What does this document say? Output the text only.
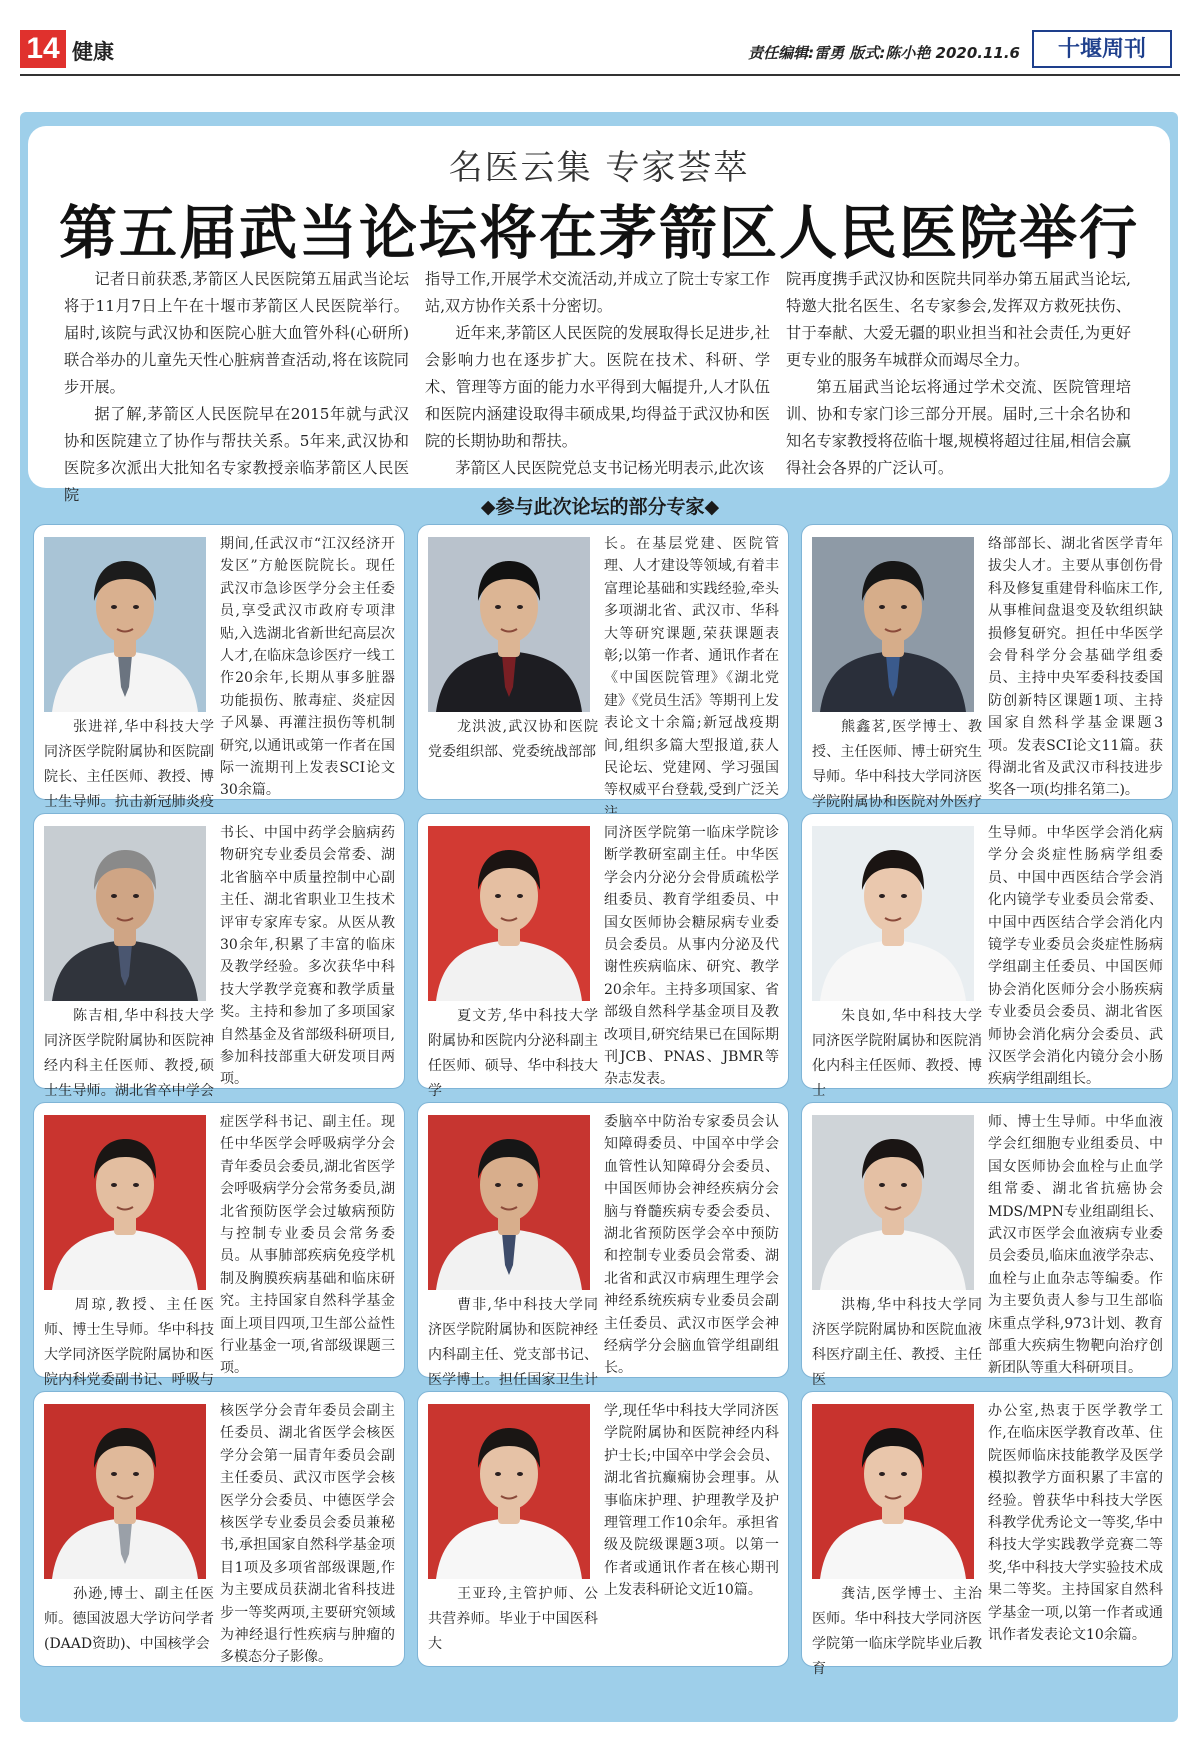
14 健康	责任编辑:雷勇 版式:陈小艳 2020.11.6	十堰周刊
名医云集 专家荟萃
第五届武当论坛将在茅箭区人民医院举行

记者日前获悉,茅箭区人民医院第五届武当论坛将于11月7日上午在十堰市茅箭区人民医院举行。届时,该院与武汉协和医院心脏大血管外科(心研所)联合举办的儿童先天性心脏病普查活动,将在该院同步开展。

据了解,茅箭区人民医院早在2015年就与武汉协和医院建立了协作与帮扶关系。5年来,武汉协和医院多次派出大批知名专家教授亲临茅箭区人民医院

指导工作,开展学术交流活动,并成立了院士专家工作站,双方协作关系十分密切。

近年来,茅箭区人民医院的发展取得长足进步,社会影响力也在逐步扩大。医院在技术、科研、学术、管理等方面的能力水平得到大幅提升,人才队伍和医院内涵建设取得丰硕成果,均得益于武汉协和医院的长期协助和帮扶。

茅箭区人民医院党总支书记杨光明表示,此次该

院再度携手武汉协和医院共同举办第五届武当论坛,特邀大批名医生、名专家参会,发挥双方救死扶伤、甘于奉献、大爱无疆的职业担当和社会责任,为更好更专业的服务车城群众而竭尽全力。

第五届武当论坛将通过学术交流、医院管理培训、协和专家门诊三部分开展。届时,三十余名协和知名专家教授将莅临十堰,规模将超过往届,相信会赢得社会各界的广泛认可。

◆参与此次论坛的部分专家◆
张进祥,华中科技大学同济医学院附属协和医院副院长、主任医师、教授、博士生导师。抗击新冠肺炎疫
期间,任武汉市“江汉经济开发区”方舱医院院长。现任武汉市急诊医学分会主任委员,享受武汉市政府专项津贴,入选湖北省新世纪高层次人才,在临床急诊医疗一线工作20余年,长期从事多脏器功能损伤、脓毒症、炎症因子风暴、再灌注损伤等机制研究,以通讯或第一作者在国际一流期刊上发表SCI论文30余篇。
龙洪波,武汉协和医院党委组织部、党委统战部部
长。在基层党建、医院管理、人才建设等领域,有着丰富理论基础和实践经验,牵头多项湖北省、武汉市、华科大等研究课题,荣获课题表彰;以第一作者、通讯作者在《中国医院管理》《湖北党建》《党员生活》等期刊上发表论文十余篇;新冠战疫期间,组织多篇大型报道,获人民论坛、党建网、学习强国等权威平台登载,受到广泛关
熊鑫茗,医学博士、教授、主任医师、博士研究生导师。华中科技大学同济医学院附属协和医院对外医疗
络部部长、湖北省医学青年拔尖人才。主要从事创伤骨科及修复重建骨科临床工作,从事椎间盘退变及软组织缺损修复研究。担任中华医学会骨科学分会基础学组委员、主持中央军委科技委国防创新特区课题1项、主持国家自然科学基金课题3项。发表SCI论文11篇。获得湖北省及武汉市科技进步奖各一项(均排名第二)。
陈吉相,华中科技大学同济医学院附属协和医院神经内科主任医师、教授,硕士生导师。湖北省卒中学会
书长、中国中药学会脑病药物研究专业委员会常委、湖北省脑卒中质量控制中心副主任、湖北省职业卫生技术评审专家库专家。从医从教30余年,积累了丰富的临床及教学经验。多次获华中科技大学教学竞赛和教学质量奖。主持和参加了多项国家自然基金及省部级科研项目,参加科技部重大研发项目两项。
夏文芳,华中科技大学附属协和医院内分泌科副主任医师、硕导、华中科技大学
同济医学院第一临床学院诊断学教研室副主任。中华医学会内分泌分会骨质疏松学组委员、教育学组委员、中国女医师协会糖尿病专业委员会委员。从事内分泌及代谢性疾病临床、研究、教学20余年。主持多项国家、省部级自然科学基金项目及教改项目,研究结果已在国际期刊JCB、PNAS、JBMR等杂志发表。
朱良如,华中科技大学同济医学院附属协和医院消化内科主任医师、教授、博士
生导师。中华医学会消化病学分会炎症性肠病学组委员、中国中西医结合学会消化内镜学专业委员会常委、中国中西医结合学会消化内镜学专业委员会炎症性肠病学组副主任委员、中国医师协会消化医师分会小肠疾病专业委员会委员、湖北省医师协会消化病分会委员、武汉医学会消化内镜分会小肠疾病学组副组长。
周琼,教授、主任医师、博士生导师。华中科技大学同济医学院附属协和医院内科党委副书记、呼吸与
症医学科书记、副主任。现任中华医学会呼吸病学分会青年委员会委员,湖北省医学会呼吸病学分会常务委员,湖北省预防医学会过敏病预防与控制专业委员会常务委员。从事肺部疾病免疫学机制及胸膜疾病基础和临床研究。主持国家自然科学基金面上项目四项,卫生部公益性行业基金一项,省部级课题三项。
曹非,华中科技大学同济医学院附属协和医院神经内科副主任、党支部书记、医学博士。担任国家卫生计
委脑卒中防治专家委员会认知障碍委员、中国卒中学会血管性认知障碍分会委员、中国医师协会神经疾病分会脑与脊髓疾病专委会委员、湖北省预防医学会卒中预防和控制专业委员会常委、湖北省和武汉市病理生理学会神经系统疾病专业委员会副主任委员、武汉市医学会神经病学分会脑血管学组副组长。
洪梅,华中科技大学同济医学院附属协和医院血液科医疗副主任、教授、主任医
师、博士生导师。中华血液学会红细胞专业组委员、中国女医师协会血栓与止血学组常委、湖北省抗癌协会MDS/MPN专业组副组长、武汉市医学会血液病专业委员会委员,临床血液学杂志、血栓与止血杂志等编委。作为主要负责人参与卫生部临床重点学科,973计划、教育部重大疾病生物靶向治疗创新团队等重大科研项目。
孙逊,博士、副主任医师。德国波恩大学访问学者(DAAD资助)、中国核学会
核医学分会青年委员会副主任委员、湖北省医学会核医学分会第一届青年委员会副主任委员、武汉市医学会核医学分会委员、中德医学会核医学专业委员会委员兼秘书,承担国家自然科学基金项目1项及多项省部级课题,作为主要成员获湖北省科技进步一等奖两项,主要研究领域为神经退行性疾病与肿瘤的多模态分子影像。
王亚玲,主管护师、公共营养师。毕业于中国医科大
学,现任华中科技大学同济医学院附属协和医院神经内科护士长;中国卒中学会会员、湖北省抗癫痫协会理事。从事临床护理、护理教学及护理管理工作10余年。承担省级及院级课题3项。以第一作者或通讯作者在核心期刊上发表科研论文近10篇。	龚洁,医学博士、主治医师。华中科技大学同济医学院第一临床学院毕业后教育
办公室,热衷于医学教学工作,在临床医学教育改革、住院医师临床技能教学及医学模拟教学方面积累了丰富的经验。曾获华中科技大学医科教学优秀论文一等奖,华中科技大学实践教学竞赛二等奖,华中科技大学实验技术成果二等奖。主持国家自然科学基金一项,以第一作者或通讯作者发表论文10余篇。
